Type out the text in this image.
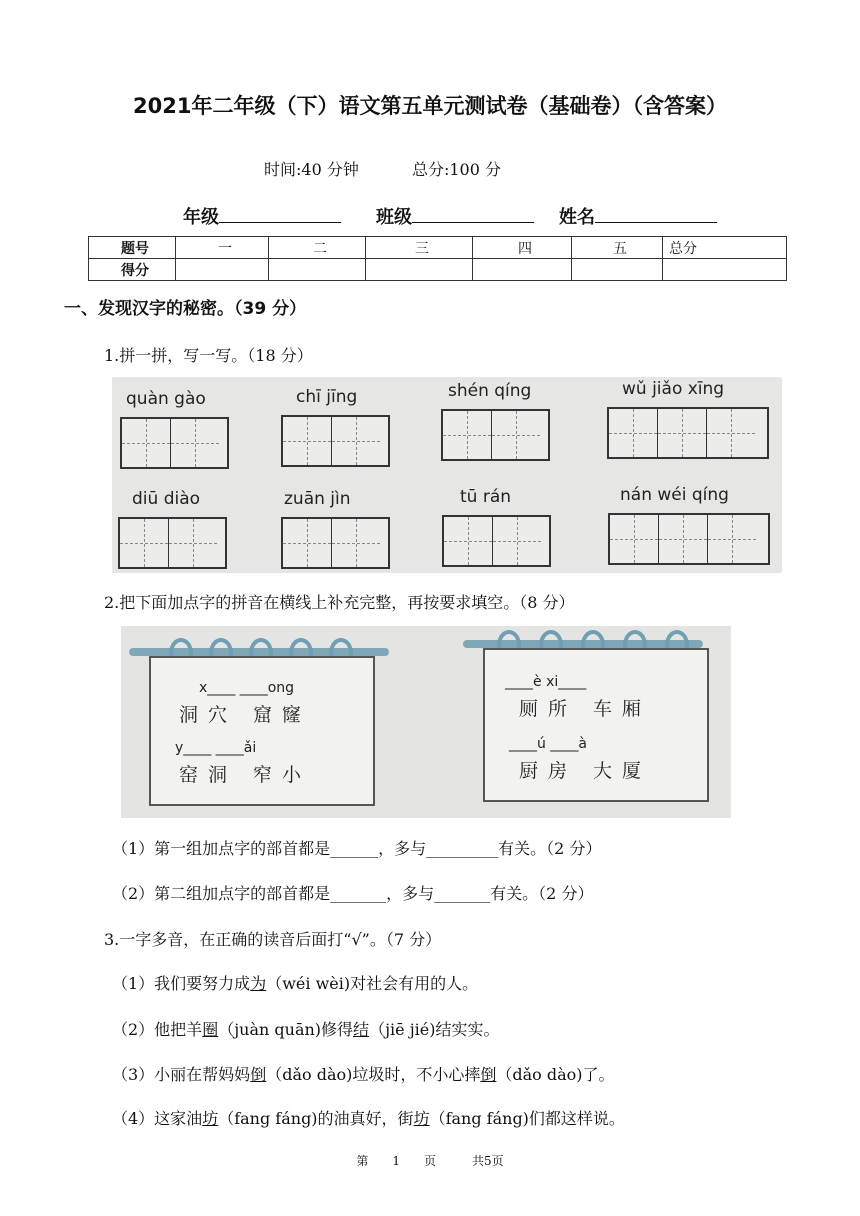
2021年二年级（下）语文第五单元测试卷（基础卷）（含答案）
时间:40 分钟	总分:100 分
年级	班级	姓名
题号	一	二	三	四	五	总分
得分						
一、发现汉字的秘密。（39 分）
1.拼一拼，写一写。（18 分）
quàn gào	chī jīng	shén qíng	wǔ jiǎo xīng
diū diào	zuān jìn	tū rán	nán wéi qíng
2.把下面加点字的拼音在横线上补充完整，再按要求填空。（8 分）
x____ ____ong
洞穴 窟窿
y____ ____ǎi
窑洞 窄小
____è xi____
厕所 车厢
____ú ____à
厨房 大厦
（1）第一组加点字的部首都是______，多与_________有关。（2 分）
（2）第二组加点字的部首都是_______，多与_______有关。（2 分）
3.一字多音，在正确的读音后面打“√”。（7 分）
（1）我们要努力成为（wéi wèi)对社会有用的人。
（2）他把羊圈（juàn quān)修得结（jiē jié)结实实。
（3）小丽在帮妈妈倒（dǎo dào)垃圾时，不小心摔倒（dǎo dào)了。
（4）这家油坊（fang fáng)的油真好，街坊（fang fáng)们都这样说。
第　　1　　页　　　共5页
